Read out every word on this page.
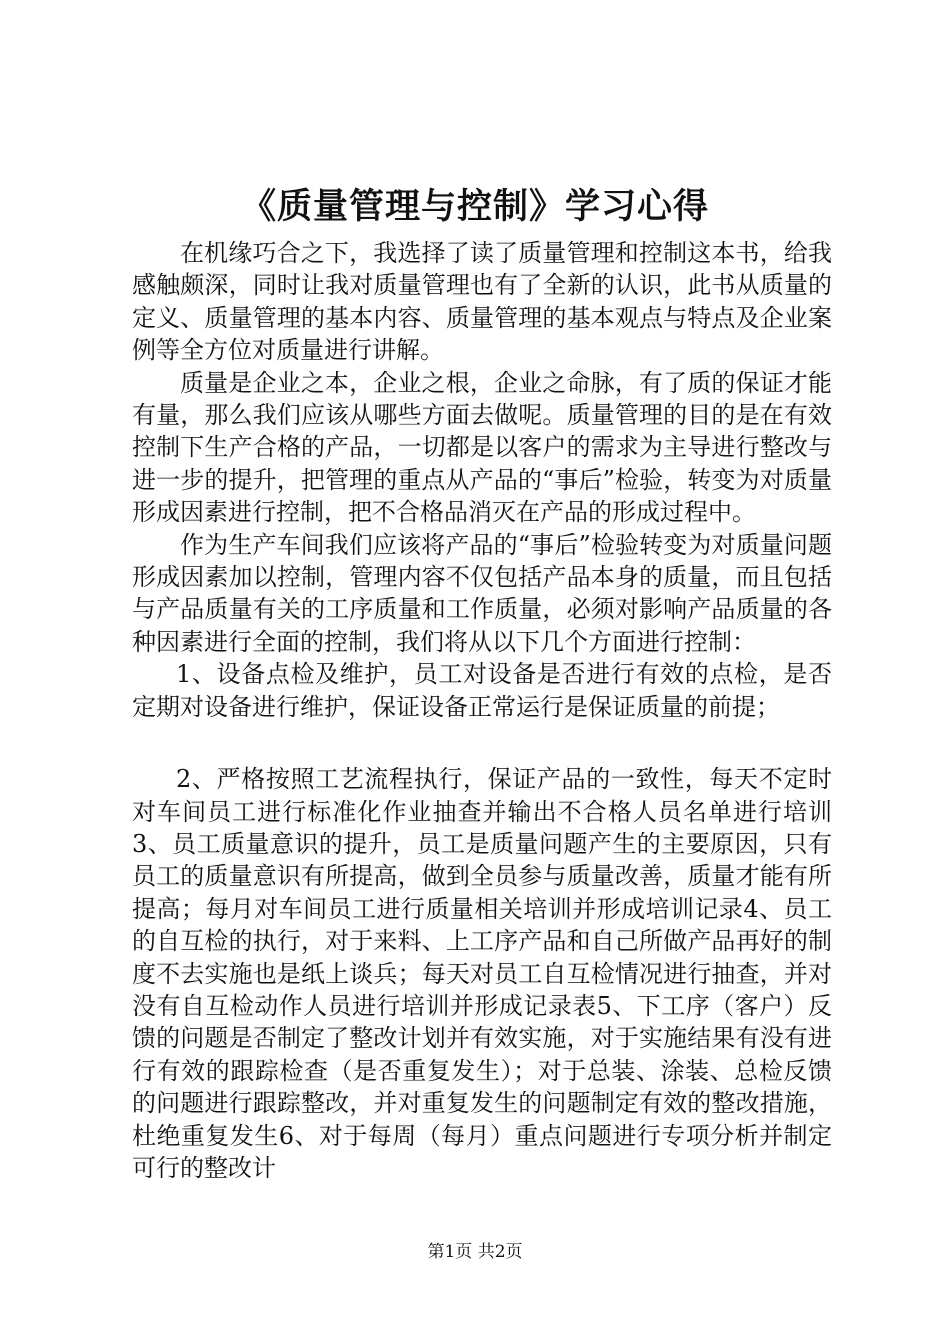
《质量管理与控制》学习心得

在机缘巧合之下，我选择了读了质量管理和控制这本书，给我感触颇深，同时让我对质量管理也有了全新的认识，此书从质量的定义、质量管理的基本内容、质量管理的基本观点与特点及企业案例等全方位对质量进行讲解。

质量是企业之本，企业之根，企业之命脉，有了质的保证才能有量，那么我们应该从哪些方面去做呢。质量管理的目的是在有效控制下生产合格的产品，一切都是以客户的需求为主导进行整改与进一步的提升，把管理的重点从产品的“事后”检验，转变为对质量形成因素进行控制，把不合格品消灭在产品的形成过程中。

作为生产车间我们应该将产品的“事后”检验转变为对质量问题形成因素加以控制，管理内容不仅包括产品本身的质量，而且包括与产品质量有关的工序质量和工作质量，必须对影响产品质量的各种因素进行全面的控制，我们将从以下几个方面进行控制：

1、设备点检及维护，员工对设备是否进行有效的点检，是否定期对设备进行维护，保证设备正常运行是保证质量的前提；

2、严格按照工艺流程执行，保证产品的一致性，每天不定时对车间员工进行标准化作业抽查并输出不合格人员名单进行培训3、员工质量意识的提升，员工是质量问题产生的主要原因，只有员工的质量意识有所提高，做到全员参与质量改善，质量才能有所提高；每月对车间员工进行质量相关培训并形成培训记录4、员工的自互检的执行，对于来料、上工序产品和自己所做产品再好的制度不去实施也是纸上谈兵；每天对员工自互检情况进行抽查，并对没有自互检动作人员进行培训并形成记录表5、下工序（客户）反馈的问题是否制定了整改计划并有效实施，对于实施结果有没有进行有效的跟踪检查（是否重复发生）；对于总装、涂装、总检反馈的问题进行跟踪整改，并对重复发生的问题制定有效的整改措施，杜绝重复发生6、对于每周（每月）重点问题进行专项分析并制定可行的整改计

第1页 共2页
